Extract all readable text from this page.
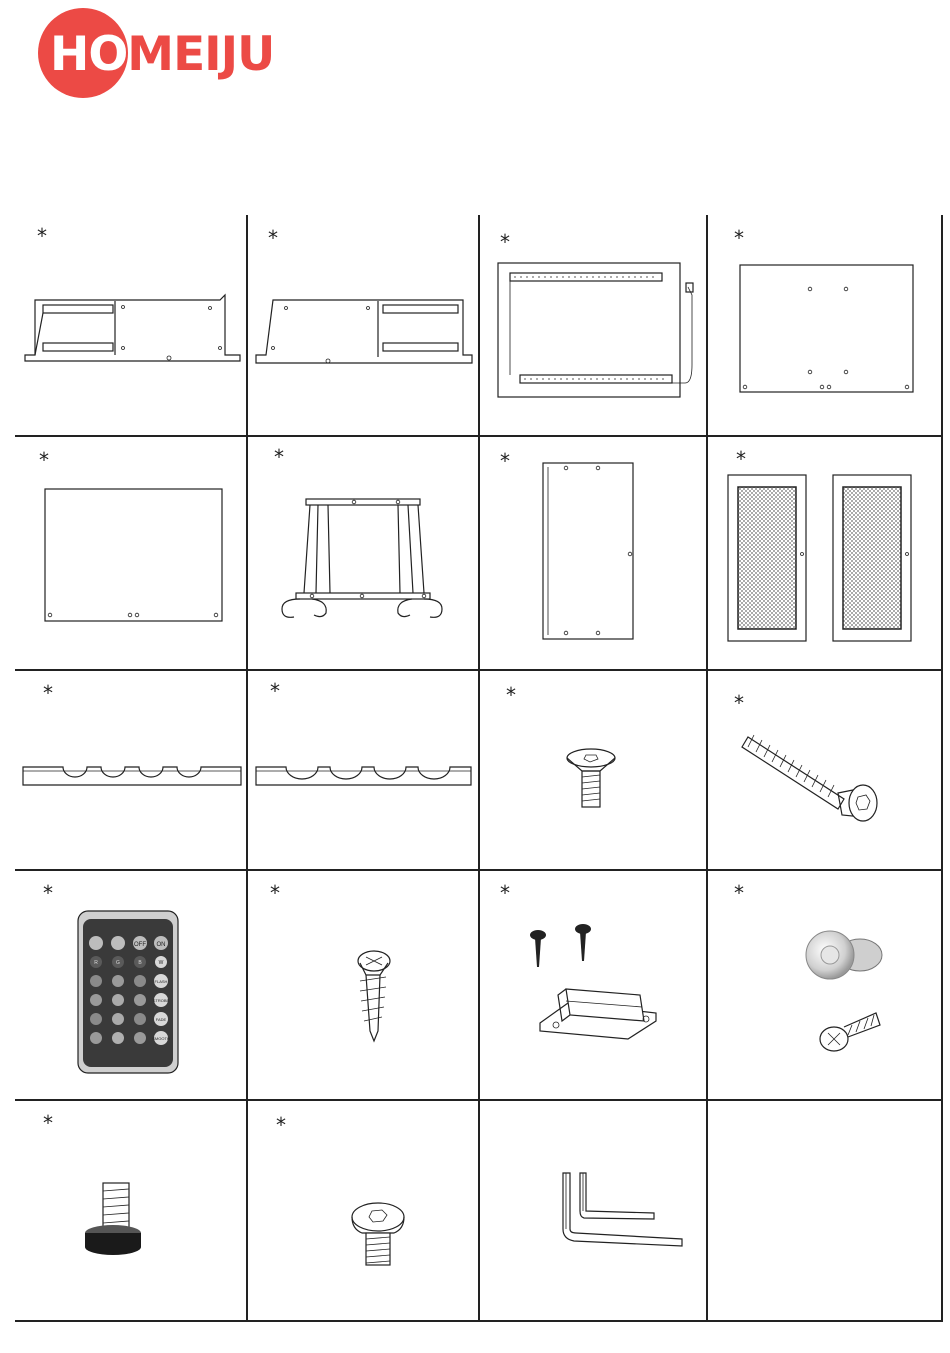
HOMEIJU
*	*	*	*
*	*	*	*
*	*	*	*
*
OFF ON
R	G	B	W
FLASH
STROBE
FADE
SMOOTH
*	*	*
*	*
